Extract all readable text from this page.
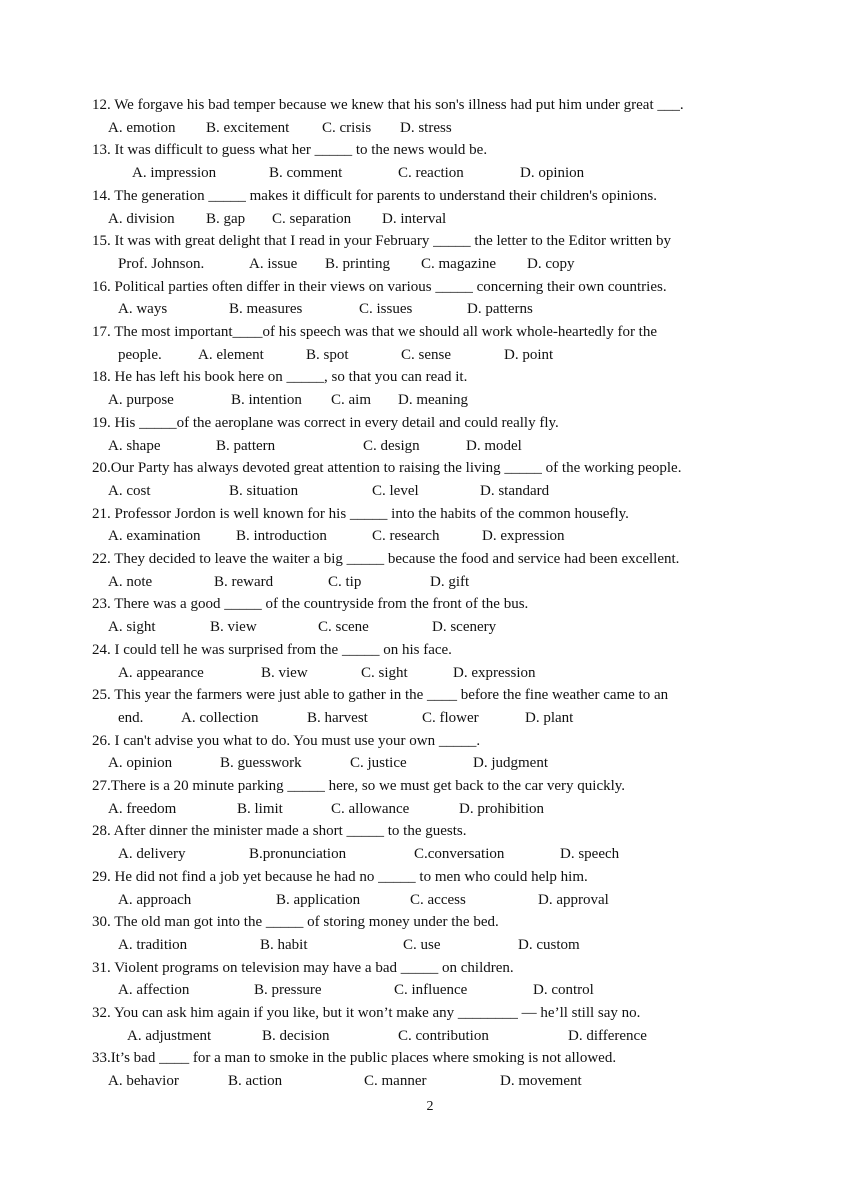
12. We forgave his bad temper because we knew that his son's illness had put him under great ___.
A. emotion B. excitement C. crisis D. stress
13. It was difficult to guess what her _____ to the news would be.
A. impression	B. comment	C. reaction	D. opinion
14. The generation _____ makes it difficult for parents to understand their children's opinions.
A. division B. gap C. separation D. interval
15. It was with great delight that I read in your February _____ the letter to the Editor written by
Prof. Johnson.	A. issue B. printing C. magazine D. copy
16. Political parties often differ in their views on various _____ concerning their own countries.
A. ways	B. measures	C. issues	D. patterns
17. The most important____of his speech was that we should all work whole-heartedly for the
people. A. element	B. spot	C. sense	D. point
18. He has left his book here on _____, so that you can read it.
A. purpose	B. intention C. aim D. meaning
19. His _____of the aeroplane was correct in every detail and could really fly.
A. shape	B. pattern	C. design	D. model
20.Our Party has always devoted great attention to raising the living _____ of the working people.
A. cost	B. situation	C. level	D. standard
21. Professor Jordon is well known for his _____ into the habits of the common housefly.
A. examination B. introduction	C. research	D. expression
22. They decided to leave the waiter a big _____ because the food and service had been excellent.
A. note	B. reward	C. tip	D. gift
23. There was a good _____ of the countryside from the front of the bus.
A. sight	B. view	C. scene	D. scenery
24. I could tell he was surprised from the _____ on his face.
A. appearance	B. view	C. sight	D. expression
25. This year the farmers were just able to gather in the ____ before the fine weather came to an
end.	A. collection	B. harvest	C. flower	D. plant
26. I can't advise you what to do. You must use your own _____.
A. opinion	B. guesswork	C. justice	D. judgment
27.There is a 20 minute parking _____ here, so we must get back to the car very quickly.
A. freedom	B. limit	C. allowance	D. prohibition
28. After dinner the minister made a short _____ to the guests.
A. delivery	B.pronunciation	C.conversation	D. speech
29. He did not find a job yet because he had no _____ to men who could help him.
A. approach	B. application	C. access	D. approval
30. The old man got into the _____ of storing money under the bed.
A. tradition	B. habit	C. use	D. custom
31. Violent programs on television may have a bad _____ on children.
A. affection	B. pressure	C. influence	D. control
32. You can ask him again if you like, but it won’t make any ________ — he’ll still say no.
A. adjustment	B. decision	C. contribution	D. difference
33.It’s bad ____ for a man to smoke in the public places where smoking is not allowed.
A. behavior	B. action	C. manner	D. movement
2
